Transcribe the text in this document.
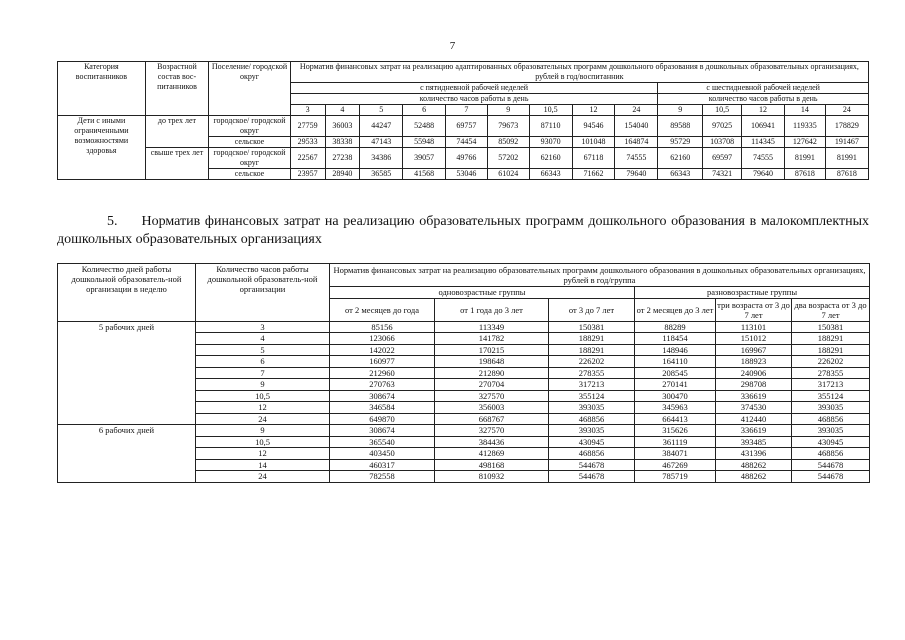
7
Категория воспитанников	Возрастной состав вос-питанников	Поселение/ городской округ	Норматив финансовых затрат на реализацию адаптированных образовательных программ дошкольного образования в дошкольных образовательных организациях, рублей в год/воспитанник													
			с пятидневной рабочей неделей									с шестидневной рабочей неделей				
			количество часов работы в день									количество часов работы в день				
			3	4	5	6	7	9	10,5	12	24	9	10,5	12	14	24
Дети с иными ограниченными возможностями здоровья	до трех лет	городское/ городской округ	27759	36003	44247	52488	69757	79673	87110	94546	154040	89588	97025	106941	119335	178829
		сельское	29533	38338	47143	55948	74454	85092	93070	101048	164874	95729	103708	114345	127642	191467
	свыше трех лет	городское/ городской округ	22567	27238	34386	39057	49766	57202	62160	67118	74555	62160	69597	74555	81991	81991
		сельское	23957	28940	36585	41568	53046	61024	66343	71662	79640	66343	74321	79640	87618	87618
5. Норматив финансовых затрат на реализацию образовательных программ дошкольного образования в малокомплектных дошкольных образовательных организациях
Количество дней работы дошкольной образователь-ной организации в неделю	Количество часов работы дошкольной образователь-ной организации	Норматив финансовых затрат на реализацию образовательных программ дошкольного образования в дошкольных образовательных организациях, рублей в год/группа					
		одновозрастные группы			разновозрастные группы		
		от 2 месяцев до года	от 1 года до 3 лет	от 3 до 7 лет	от 2 месяцев до 3 лет	три возраста от 3 до 7 лет	два возраста от 3 до 7 лет
5 рабочих дней	3	85156	113349	150381	88289	113101	150381
	4	123066	141782	188291	118454	151012	188291
	5	142022	170215	188291	148946	169967	188291
	6	160977	198648	226202	164110	188923	226202
	7	212960	212890	278355	208545	240906	278355
	9	270763	270704	317213	270141	298708	317213
	10,5	308674	327570	355124	300470	336619	355124
	12	346584	356003	393035	345963	374530	393035
	24	649870	668767	468856	664413	412440	468856
6 рабочих дней	9	308674	327570	393035	315626	336619	393035
	10,5	365540	384436	430945	361119	393485	430945
	12	403450	412869	468856	384071	431396	468856
	14	460317	498168	544678	467269	488262	544678
	24	782558	810932	544678	785719	488262	544678
